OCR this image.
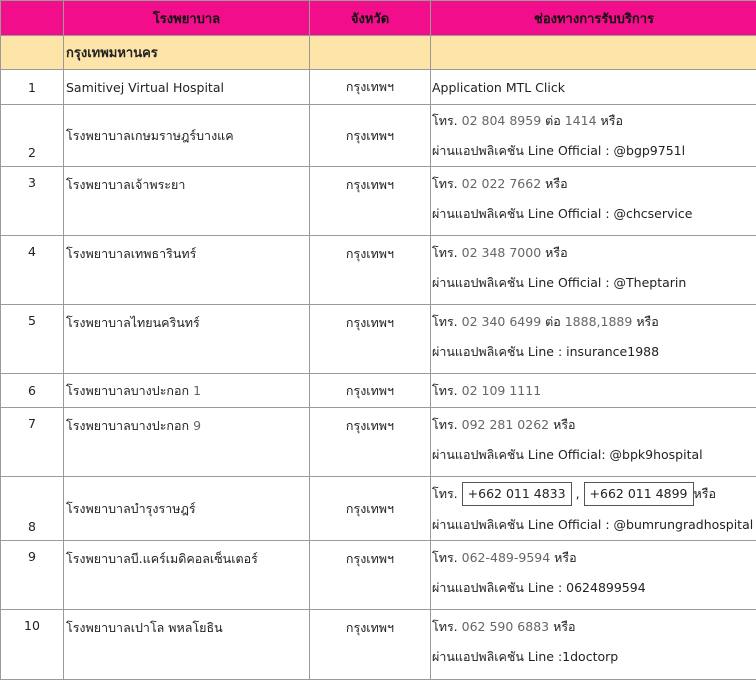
	โรงพยาบาล	จังหวัด	ช่องทางการรับบริการ
	กรุงเทพมหานคร		
1	Samitivej Virtual Hospital	กรุงเทพฯ	Application MTL Click
2	โรงพยาบาลเกษมราษฎร์บางแค	กรุงเทพฯ	โทร. 02 804 8959 ต่อ 1414 หรือ
ผ่านแอปพลิเคชัน Line Official : @bgp9751l

3	โรงพยาบาลเจ้าพระยา	กรุงเทพฯ	โทร. 02 022 7662 หรือ
ผ่านแอปพลิเคชัน Line Official : @chcservice

4	โรงพยาบาลเทพธารินทร์	กรุงเทพฯ	โทร. 02 348 7000 หรือ
ผ่านแอปพลิเคชัน Line Official : @Theptarin

5	โรงพยาบาลไทยนครินทร์	กรุงเทพฯ	โทร. 02 340 6499 ต่อ 1888,1889 หรือ
ผ่านแอปพลิเคชัน Line : insurance1988

6	โรงพยาบาลบางปะกอก 1	กรุงเทพฯ	โทร. 02 109 1111

7	โรงพยาบาลบางปะกอก 9	กรุงเทพฯ	โทร. 092 281 0262 หรือ
ผ่านแอปพลิเคชัน Line Official: @bpk9hospital

8	โรงพยาบาลบำรุงราษฎร์	กรุงเทพฯ	โทร. +662 011 4833 , +662 011 4899 หรือ
ผ่านแอปพลิเคชัน Line Official : @bumrungradhospital

9	โรงพยาบาลบี.แคร์เมดิคอลเซ็นเตอร์	กรุงเทพฯ	โทร. 062-489-9594 หรือ
ผ่านแอปพลิเคชัน Line : 0624899594

10	โรงพยาบาลเปาโล พหลโยธิน	กรุงเทพฯ	โทร. 062 590 6883 หรือ
ผ่านแอปพลิเคชัน Line :1doctorp
